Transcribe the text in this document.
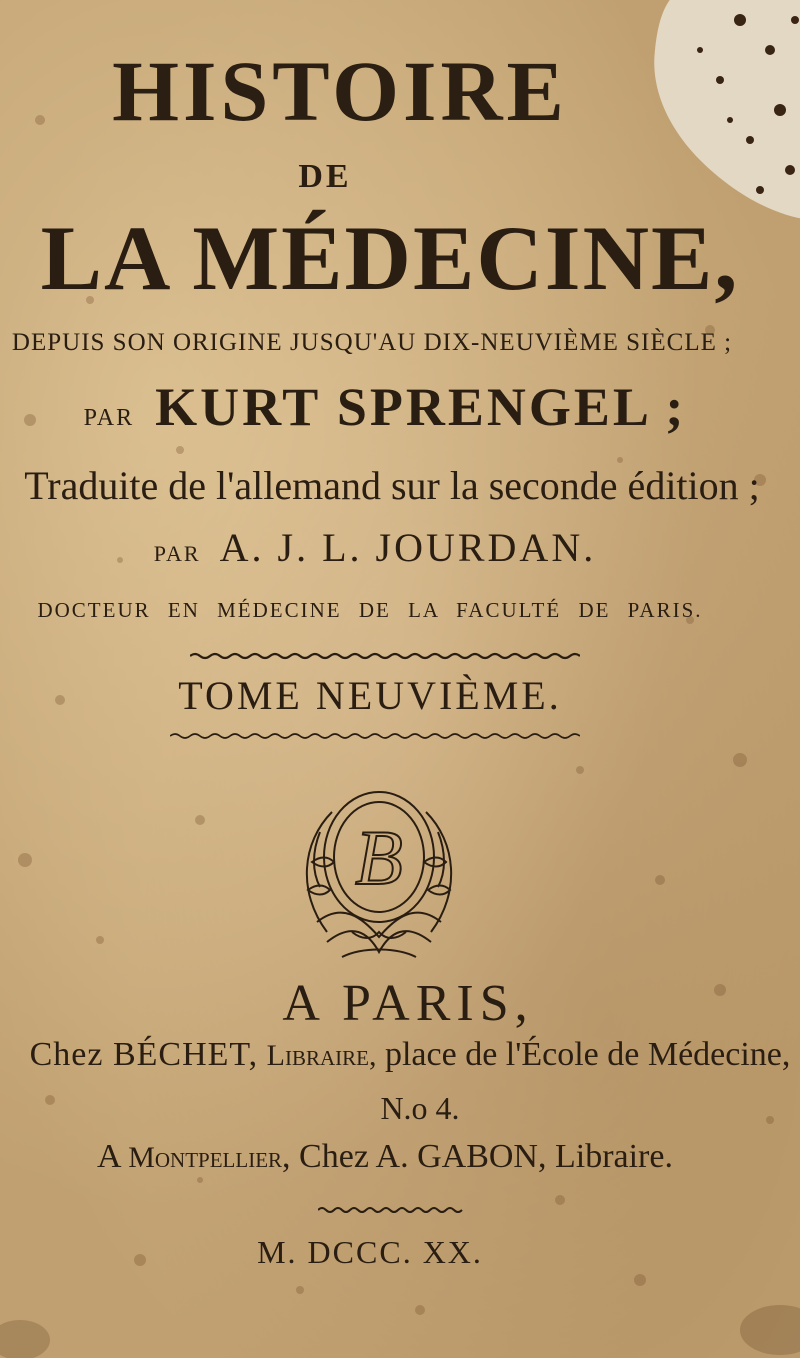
HISTOIRE
DE
LA MÉDECINE,
DEPUIS SON ORIGINE JUSQU'AU DIX-NEUVIÈME SIÈCLE ;
PAR KURT SPRENGEL ;
Traduite de l'allemand sur la seconde édition ;
PAR A. J. L. JOURDAN.
DOCTEUR EN MÉDECINE DE LA FACULTÉ DE PARIS.
TOME NEUVIÈME.
B
A PARIS,
Chez BÉCHET, Libraire, place de l'École de Médecine,
N.o 4.
A Montpellier, Chez A. GABON, Libraire.
M. DCCC. XX.
